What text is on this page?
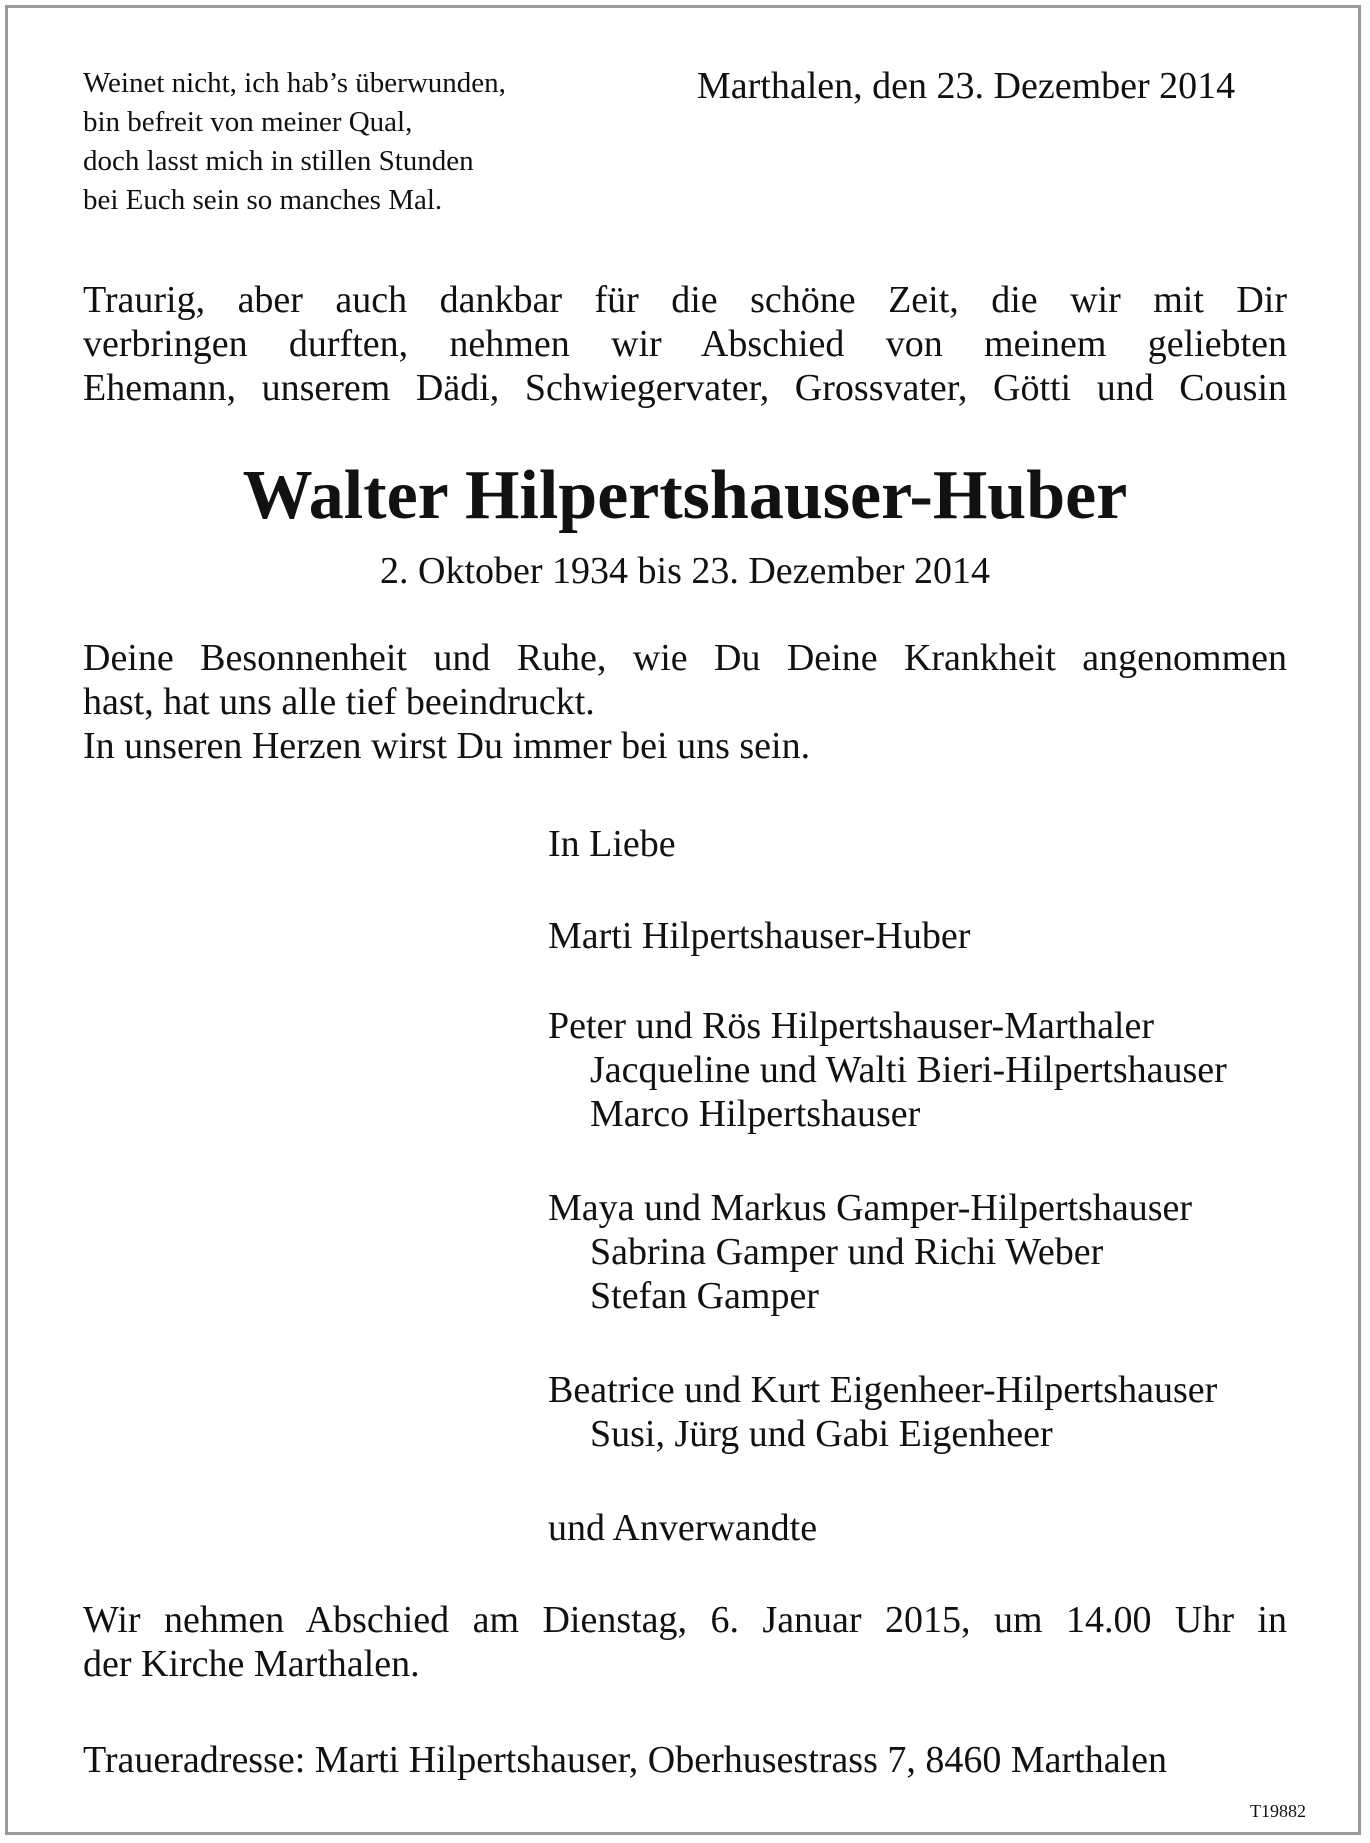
Weinet nicht, ich hab’s überwunden,
bin befreit von meiner Qual,
doch lasst mich in stillen Stunden
bei Euch sein so manches Mal.
Marthalen, den 23. Dezember 2014
Traurig, aber auch dankbar für die schöne Zeit, die wir mit Dir
verbringen durften, nehmen wir Abschied von meinem geliebten
Ehemann, unserem Dädi, Schwiegervater, Grossvater, Götti und Cousin
Walter Hilpertshauser-Huber
2. Oktober 1934 bis 23. Dezember 2014
Deine Besonnenheit und Ruhe, wie Du Deine Krankheit angenommen
hast, hat uns alle tief beeindruckt.
In unseren Herzen wirst Du immer bei uns sein.
In Liebe
Marti Hilpertshauser-Huber
Peter und Rös Hilpertshauser-Marthaler
Jacqueline und Walti Bieri-Hilpertshauser
Marco Hilpertshauser
Maya und Markus Gamper-Hilpertshauser
Sabrina Gamper und Richi Weber
Stefan Gamper
Beatrice und Kurt Eigenheer-Hilpertshauser
Susi, Jürg und Gabi Eigenheer
und Anverwandte
Wir nehmen Abschied am Dienstag, 6. Januar 2015, um 14.00 Uhr in
der Kirche Marthalen.
Traueradresse: Marti Hilpertshauser, Oberhusestrass 7, 8460 Marthalen
T19882
